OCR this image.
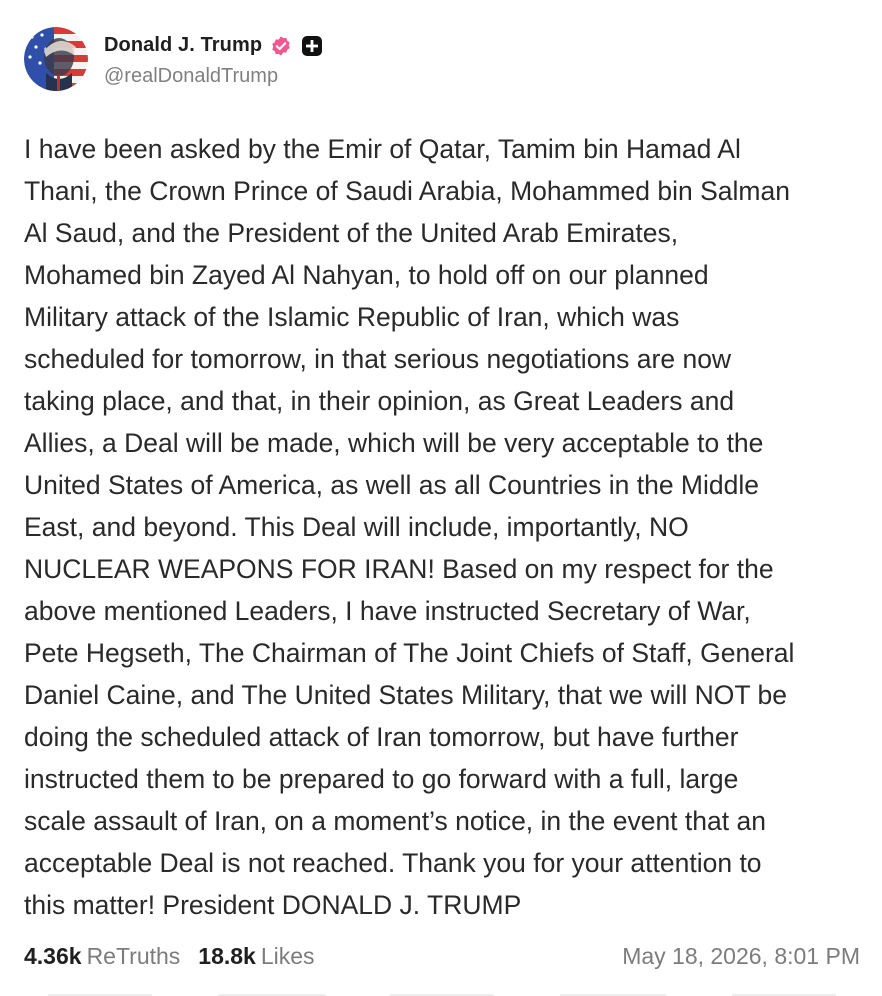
Donald J. Trump
@realDonaldTrump

I have been asked by the Emir of Qatar, Tamim bin Hamad Al
Thani, the Crown Prince of Saudi Arabia, Mohammed bin Salman
Al Saud, and the President of the United Arab Emirates,
Mohamed bin Zayed Al Nahyan, to hold off on our planned
Military attack of the Islamic Republic of Iran, which was
scheduled for tomorrow, in that serious negotiations are now
taking place, and that, in their opinion, as Great Leaders and
Allies, a Deal will be made, which will be very acceptable to the
United States of America, as well as all Countries in the Middle
East, and beyond. This Deal will include, importantly, NO
NUCLEAR WEAPONS FOR IRAN! Based on my respect for the
above mentioned Leaders, I have instructed Secretary of War,
Pete Hegseth, The Chairman of The Joint Chiefs of Staff, General
Daniel Caine, and The United States Military, that we will NOT be
doing the scheduled attack of Iran tomorrow, but have further
instructed them to be prepared to go forward with a full, large
scale assault of Iran, on a moment’s notice, in the event that an
acceptable Deal is not reached. Thank you for your attention to
this matter! President DONALD J. TRUMP

4.36k ReTruths 18.8k Likes	May 18, 2026, 8:01 PM
